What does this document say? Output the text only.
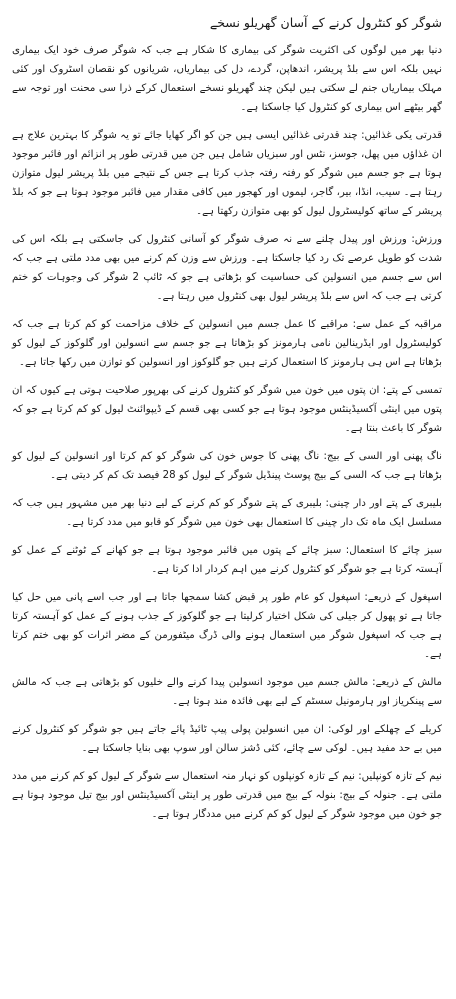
شوگر کو کنٹرول کرنے کے آسان گھریلو نسخے

دنیا بھر میں لوگوں کی اکثریت شوگر کی بیماری کا شکار ہے جب کہ شوگر صرف خود ایک بیماری نہیں بلکہ اس سے بلڈ پریشر، اندھاپن، گردے، دل کی بیماریاں، شریانوں کو نقصان اسٹروک اور کئی مہلک بیماریاں جنم لے سکتی ہیں لیکن چند گھریلو نسخے استعمال کرکے ذرا سی محنت اور توجہ سے گھر بیٹھے اس بیماری کو کنٹرول کیا جاسکتا ہے۔

قدرتی یکی غذائیں: چند قدرتی غذائیں ایسی ہیں جن کو اگر کھایا جائے تو یہ شوگر کا بہترین علاج ہے ان غذاؤں میں پھل، جوسز، نٹس اور سبزیاں شامل ہیں جن میں قدرتی طور پر انزائم اور فائبر موجود ہوتا ہے جو جسم میں شوگر کو رفتہ رفتہ جذب کرتا ہے جس کے نتیجے میں بلڈ پریشر لیول متوازن رہتا ہے۔ سیب، انڈا، بیر، گاجر، لیموں اور کھجور میں کافی مقدار میں فائبر موجود ہوتا ہے جو کہ بلڈ پریشر کے ساتھ کولیسٹرول لیول کو بھی متوازن رکھتا ہے۔

ورزش: ورزش اور پیدل چلنے سے نہ صرف شوگر کو آسانی کنٹرول کی جاسکتی ہے بلکہ اس کی شدت کو طویل عرصے تک رد کیا جاسکتا ہے۔ ورزش سے وزن کم کرنے میں بھی مدد ملتی ہے جب کہ اس سے جسم میں انسولین کی حساسیت کو بڑھاتی ہے جو کہ ٹائپ 2 شوگر کی وجوہات کو ختم کرتی ہے جب کہ اس سے بلڈ پریشر لیول بھی کنٹرول میں رہتا ہے۔

مراقبہ کے عمل سے: مراقبے کا عمل جسم میں انسولین کے خلاف مزاحمت کو کم کرتا ہے جب کہ کولیسٹرول اور ایڈرینالین نامی ہارمونز کو بڑھاتا ہے جو جسم سے انسولین اور گلوکوز کے لیول کو بڑھاتا ہے اس ہی ہارمونز کا استعمال کرتے ہیں جو گلوکوز اور انسولین کو توازن میں رکھا جاتا ہے۔

تمسی کے پتے: ان پتوں میں خون میں شوگر کو کنٹرول کرنے کی بھرپور صلاحیت ہوتی ہے کیوں کہ ان پتوں میں اینٹی آکسیڈینٹس موجود ہوتا ہے جو کسی بھی قسم کے ڈیپوائنٹ لیول کو کم کرتا ہے جو کہ شوگر کا باعث بنتا ہے۔

ناگ پھنی اور السی کے بیج: ناگ پھنی کا جوس خون کی شوگر کو کم کرتا اور انسولین کے لیول کو بڑھاتا ہے جب کہ السی کے بیج پوسٹ پینڈیل شوگر کے لیول کو 28 فیصد تک کم کر دیتی ہے۔

بلیبری کے پتے اور دار چینی: بلیبری کے پتے شوگر کو کم کرنے کے لیے دنیا بھر میں مشہور ہیں جب کہ مسلسل ایک ماہ تک دار چینی کا استعمال بھی خون میں شوگر کو قابو میں مدد کرتا ہے۔

سبز چائے کا استعمال: سبز چائے کے پتوں میں فائبر موجود ہوتا ہے جو کھانے کے ٹوٹنے کے عمل کو آہستہ کرتا ہے جو شوگر کو کنٹرول کرنے میں اہم کردار ادا کرتا ہے۔

اسپغول کے ذریعے: اسپغول کو عام طور پر قبض کشا سمجھا جاتا ہے اور جب اسے پانی میں حل کیا جاتا ہے تو پھول کر جیلی کی شکل اختیار کرلیتا ہے جو گلوکوز کے جذب ہونے کے عمل کو آہستہ کرتا ہے جب کہ اسپغول شوگر میں استعمال ہونے والی ڈرگ میٹفورمن کے مضر اثرات کو بھی ختم کرتا ہے۔

مالش کے ذریعے: مالش جسم میں موجود انسولین پیدا کرنے والے خلیوں کو بڑھاتی ہے جب کہ مالش سے پینکریاز اور ہارمونیل سسٹم کے لیے بھی فائدہ مند ہوتا ہے۔

کریلے کے چھلکے اور لوکی: ان میں انسولین پولی پیپ ٹائیڈ پائے جاتے ہیں جو شوگر کو کنٹرول کرنے میں بے حد مفید ہیں۔ لوکی سے چائے، کئی ڈشز سالن اور سوپ بھی بنایا جاسکتا ہے۔

نیم کے تازہ کونپلیں: نیم کے تازہ کونپلوں کو نہار منہ استعمال سے شوگر کے لیول کو کم کرنے میں مدد ملتی ہے۔ جنولہ کے بیج: بنولہ کے بیج میں قدرتی طور پر اینٹی آکسیڈینٹس اور بیج تیل موجود ہوتا ہے جو خون میں موجود شوگر کے لیول کو کم کرنے میں مددگار ہوتا ہے۔
